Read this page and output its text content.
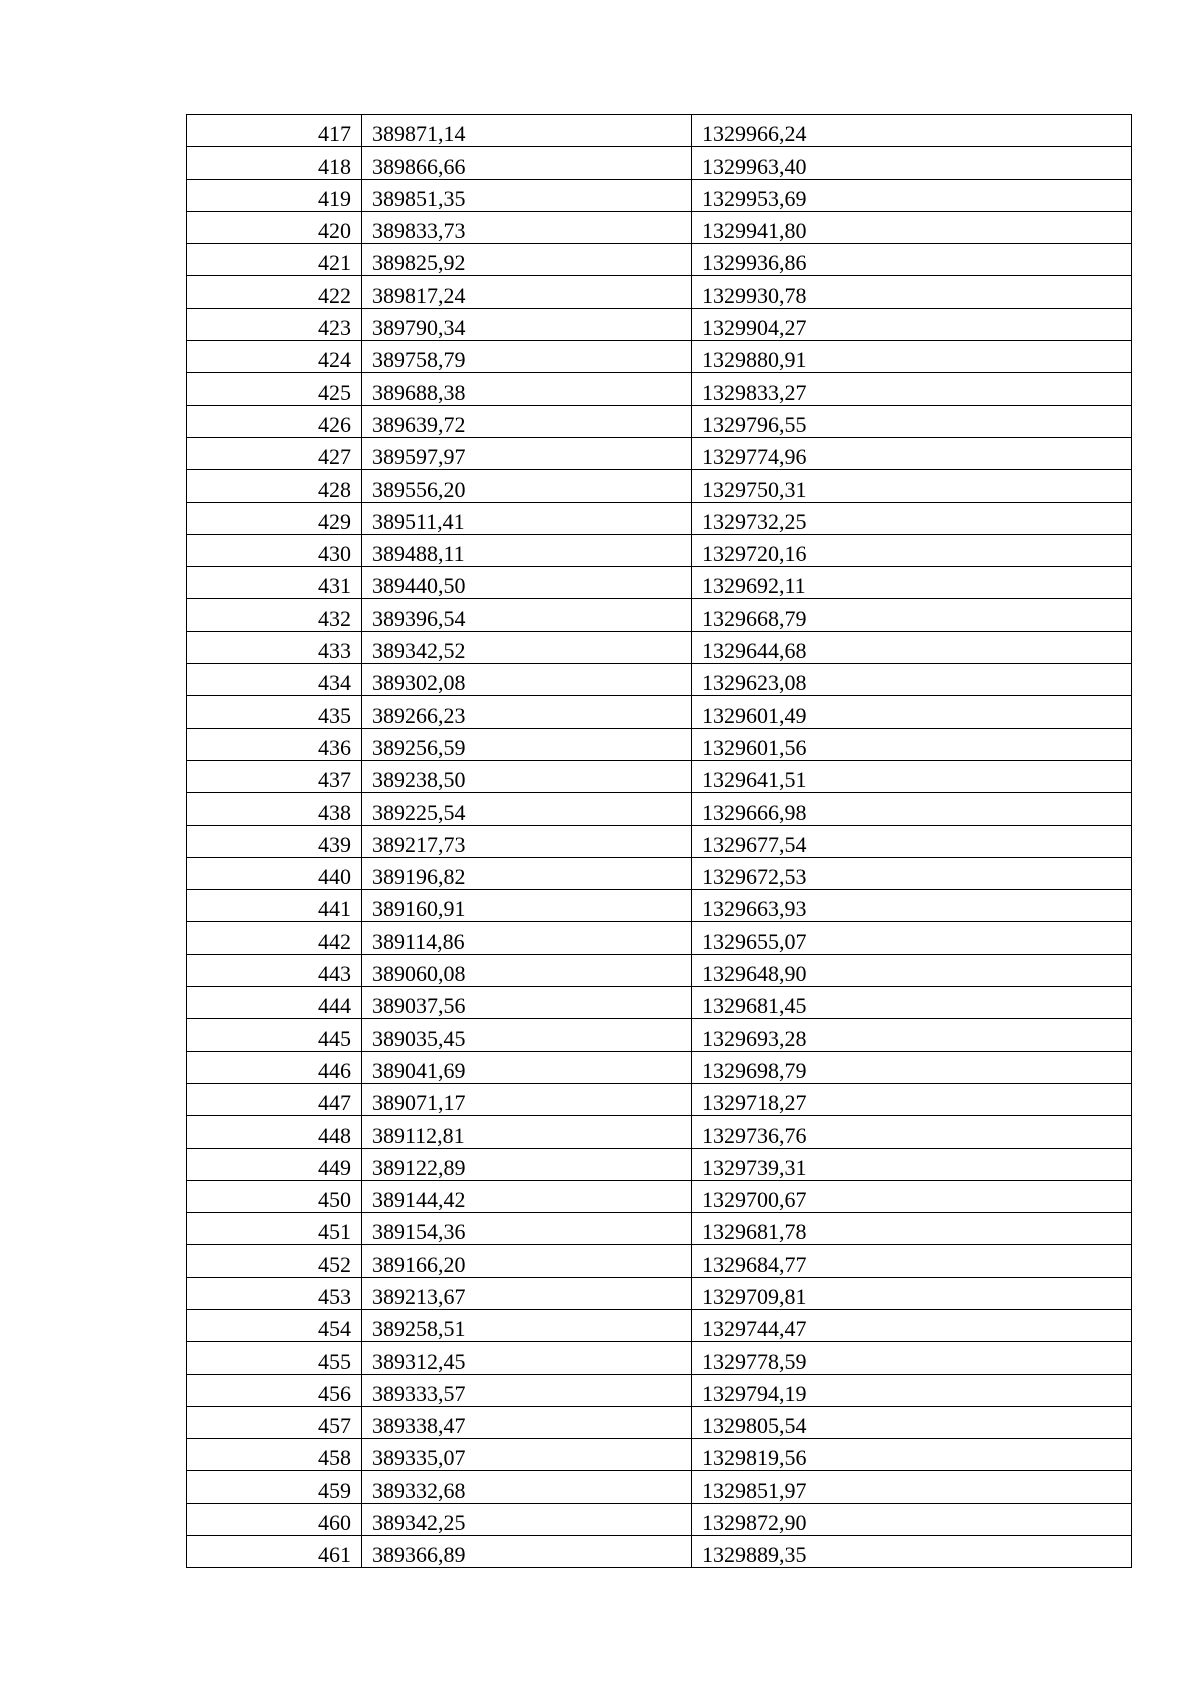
417	389871,14	1329966,24
418	389866,66	1329963,40
419	389851,35	1329953,69
420	389833,73	1329941,80
421	389825,92	1329936,86
422	389817,24	1329930,78
423	389790,34	1329904,27
424	389758,79	1329880,91
425	389688,38	1329833,27
426	389639,72	1329796,55
427	389597,97	1329774,96
428	389556,20	1329750,31
429	389511,41	1329732,25
430	389488,11	1329720,16
431	389440,50	1329692,11
432	389396,54	1329668,79
433	389342,52	1329644,68
434	389302,08	1329623,08
435	389266,23	1329601,49
436	389256,59	1329601,56
437	389238,50	1329641,51
438	389225,54	1329666,98
439	389217,73	1329677,54
440	389196,82	1329672,53
441	389160,91	1329663,93
442	389114,86	1329655,07
443	389060,08	1329648,90
444	389037,56	1329681,45
445	389035,45	1329693,28
446	389041,69	1329698,79
447	389071,17	1329718,27
448	389112,81	1329736,76
449	389122,89	1329739,31
450	389144,42	1329700,67
451	389154,36	1329681,78
452	389166,20	1329684,77
453	389213,67	1329709,81
454	389258,51	1329744,47
455	389312,45	1329778,59
456	389333,57	1329794,19
457	389338,47	1329805,54
458	389335,07	1329819,56
459	389332,68	1329851,97
460	389342,25	1329872,90
461	389366,89	1329889,35
